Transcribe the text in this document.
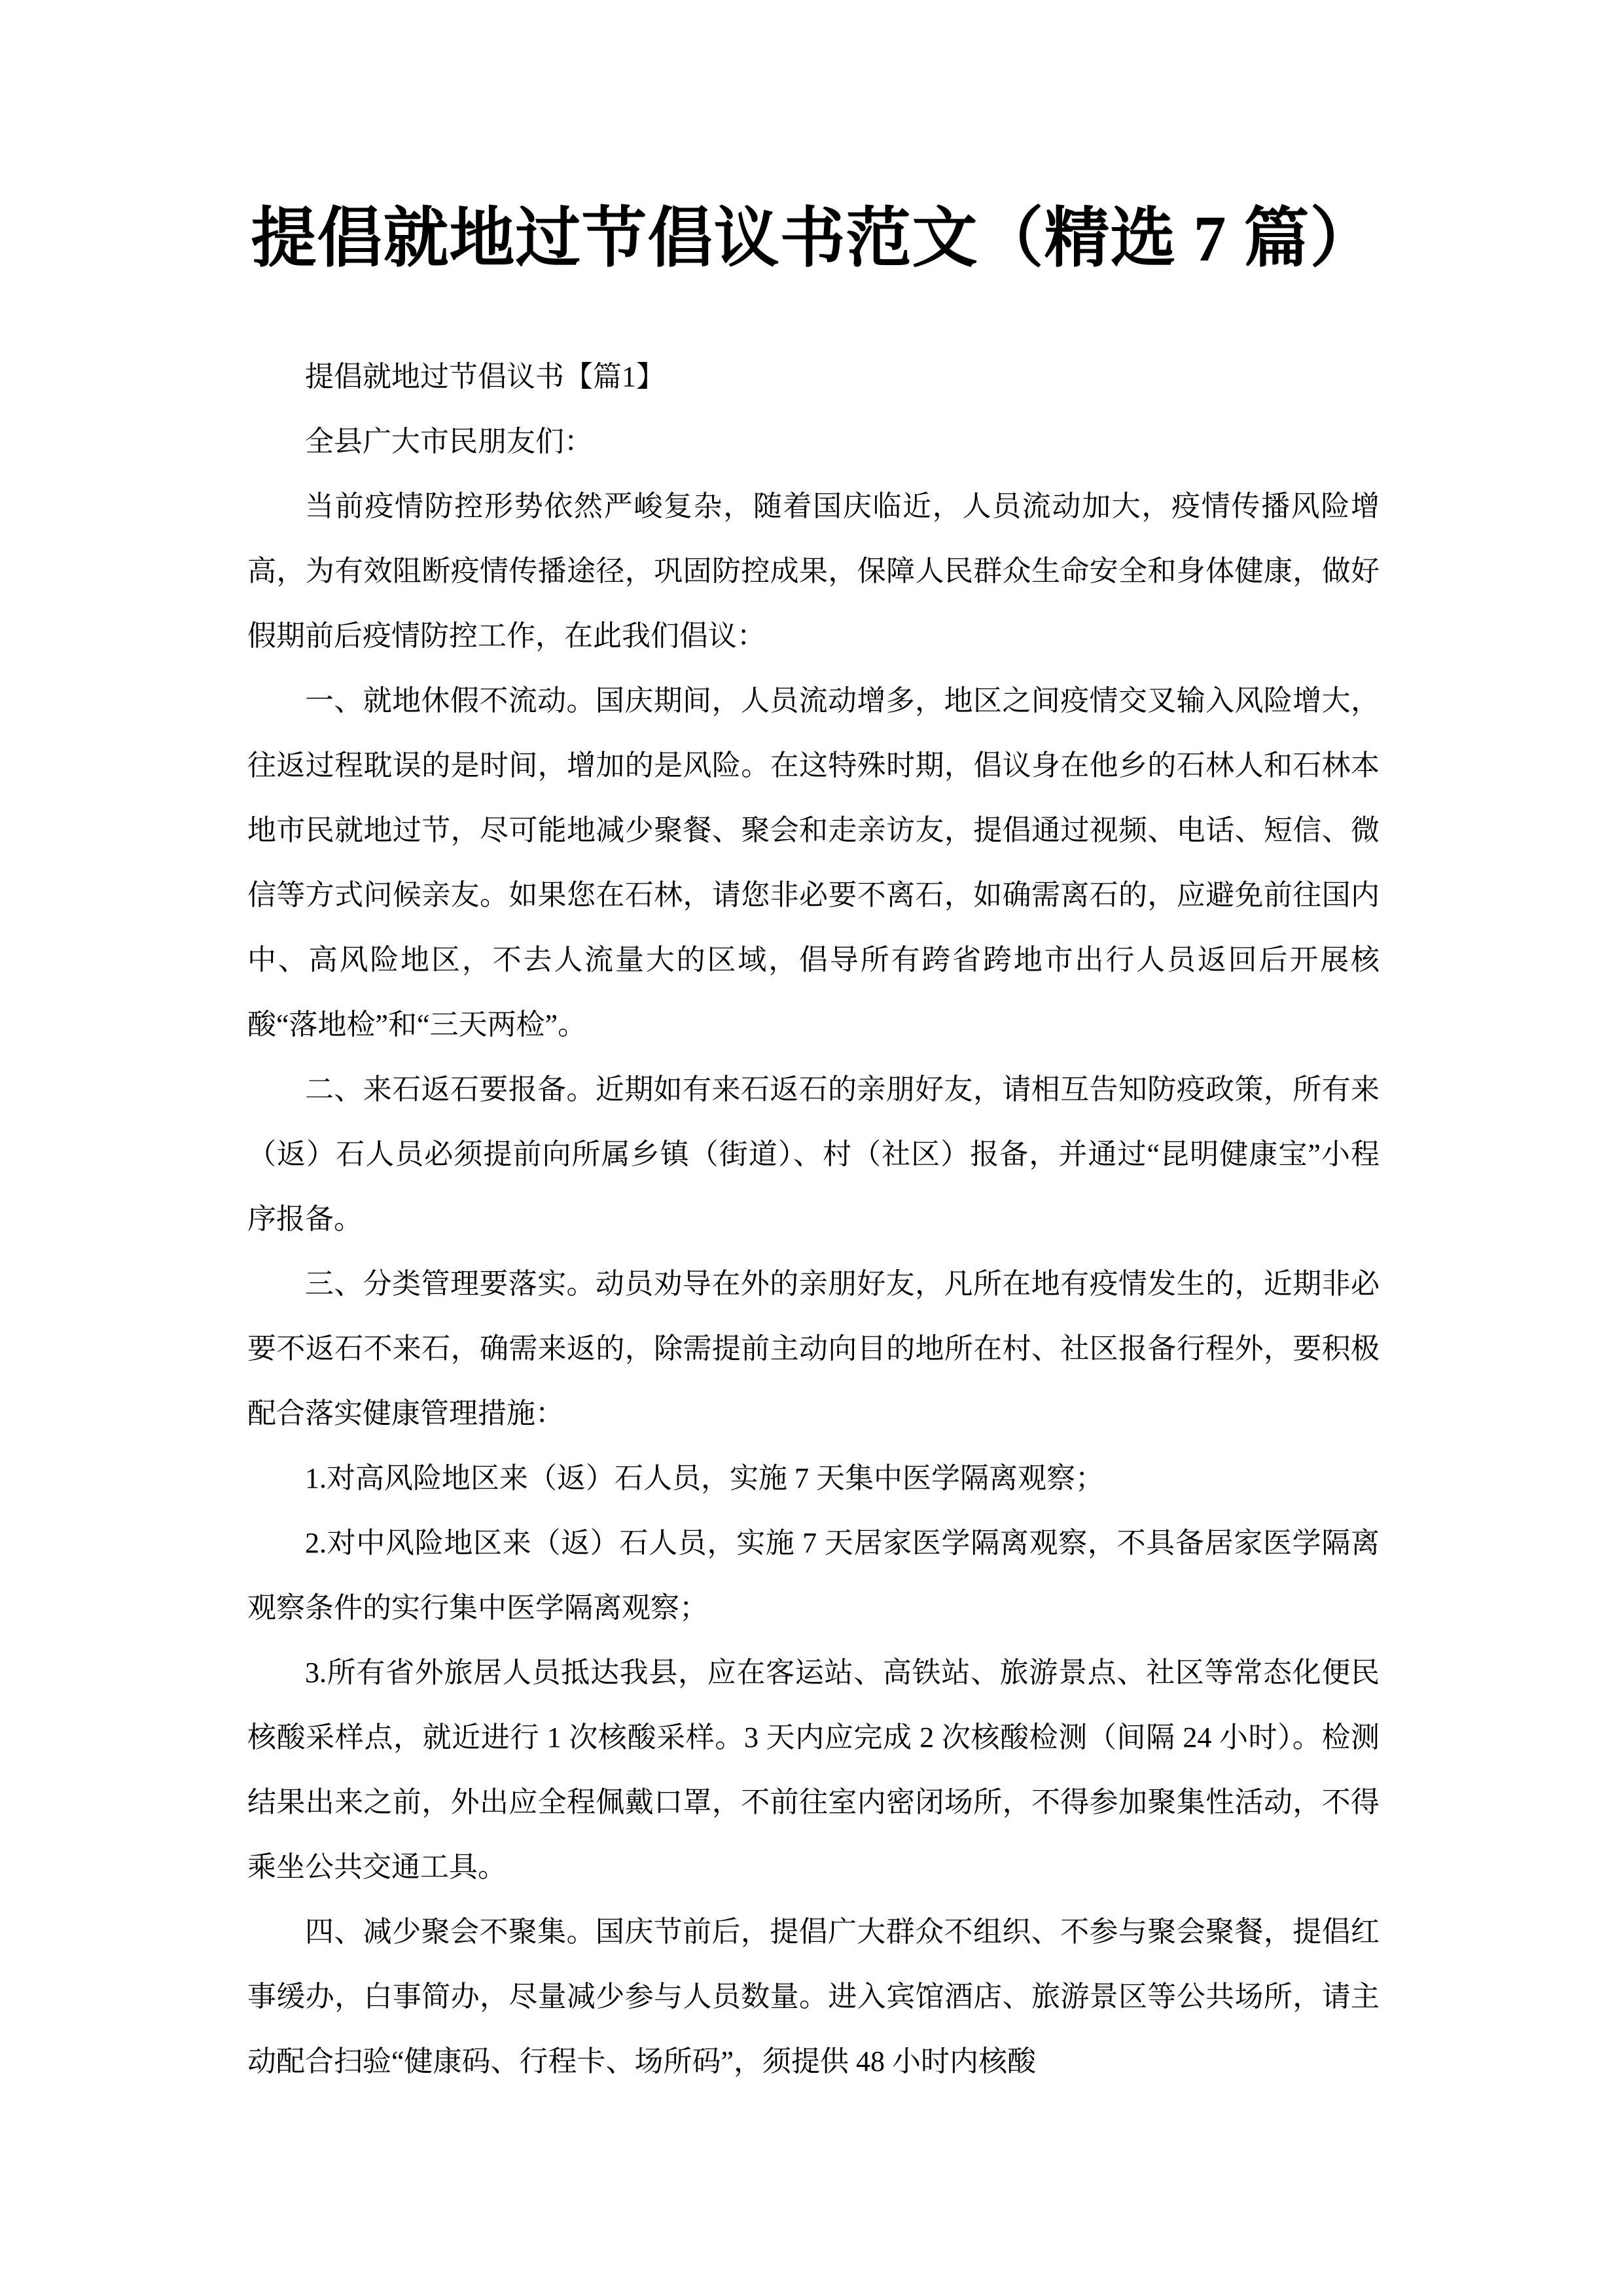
提倡就地过节倡议书范文（精选 7 篇）

提倡就地过节倡议书【篇1】

全县广大市民朋友们：

当前疫情防控形势依然严峻复杂，随着国庆临近，人员流动加大，疫情传播风险增高，为有效阻断疫情传播途径，巩固防控成果，保障人民群众生命安全和身体健康，做好假期前后疫情防控工作，在此我们倡议：

一、就地休假不流动。国庆期间，人员流动增多，地区之间疫情交叉输入风险增大，往返过程耽误的是时间，增加的是风险。在这特殊时期，倡议身在他乡的石林人和石林本地市民就地过节，尽可能地减少聚餐、聚会和走亲访友，提倡通过视频、电话、短信、微信等方式问候亲友。如果您在石林，请您非必要不离石，如确需离石的，应避免前往国内中、高风险地区，不去人流量大的区域，倡导所有跨省跨地市出行人员返回后开展核酸“落地检”和“三天两检”。

二、来石返石要报备。近期如有来石返石的亲朋好友，请相互告知防疫政策，所有来（返）石人员必须提前向所属乡镇（街道）、村（社区）报备，并通过“昆明健康宝”小程序报备。

三、分类管理要落实。动员劝导在外的亲朋好友，凡所在地有疫情发生的，近期非必要不返石不来石，确需来返的，除需提前主动向目的地所在村、社区报备行程外，要积极配合落实健康管理措施：

1.对高风险地区来（返）石人员，实施 7 天集中医学隔离观察；

2.对中风险地区来（返）石人员，实施 7 天居家医学隔离观察，不具备居家医学隔离观察条件的实行集中医学隔离观察；

3.所有省外旅居人员抵达我县，应在客运站、高铁站、旅游景点、社区等常态化便民核酸采样点，就近进行 1 次核酸采样。3 天内应完成 2 次核酸检测（间隔 24 小时）。检测结果出来之前，外出应全程佩戴口罩，不前往室内密闭场所，不得参加聚集性活动，不得乘坐公共交通工具。

四、减少聚会不聚集。国庆节前后，提倡广大群众不组织、不参与聚会聚餐，提倡红事缓办，白事简办，尽量减少参与人员数量。进入宾馆酒店、旅游景区等公共场所，请主动配合扫验“健康码、行程卡、场所码”，须提供 48 小时内核酸
